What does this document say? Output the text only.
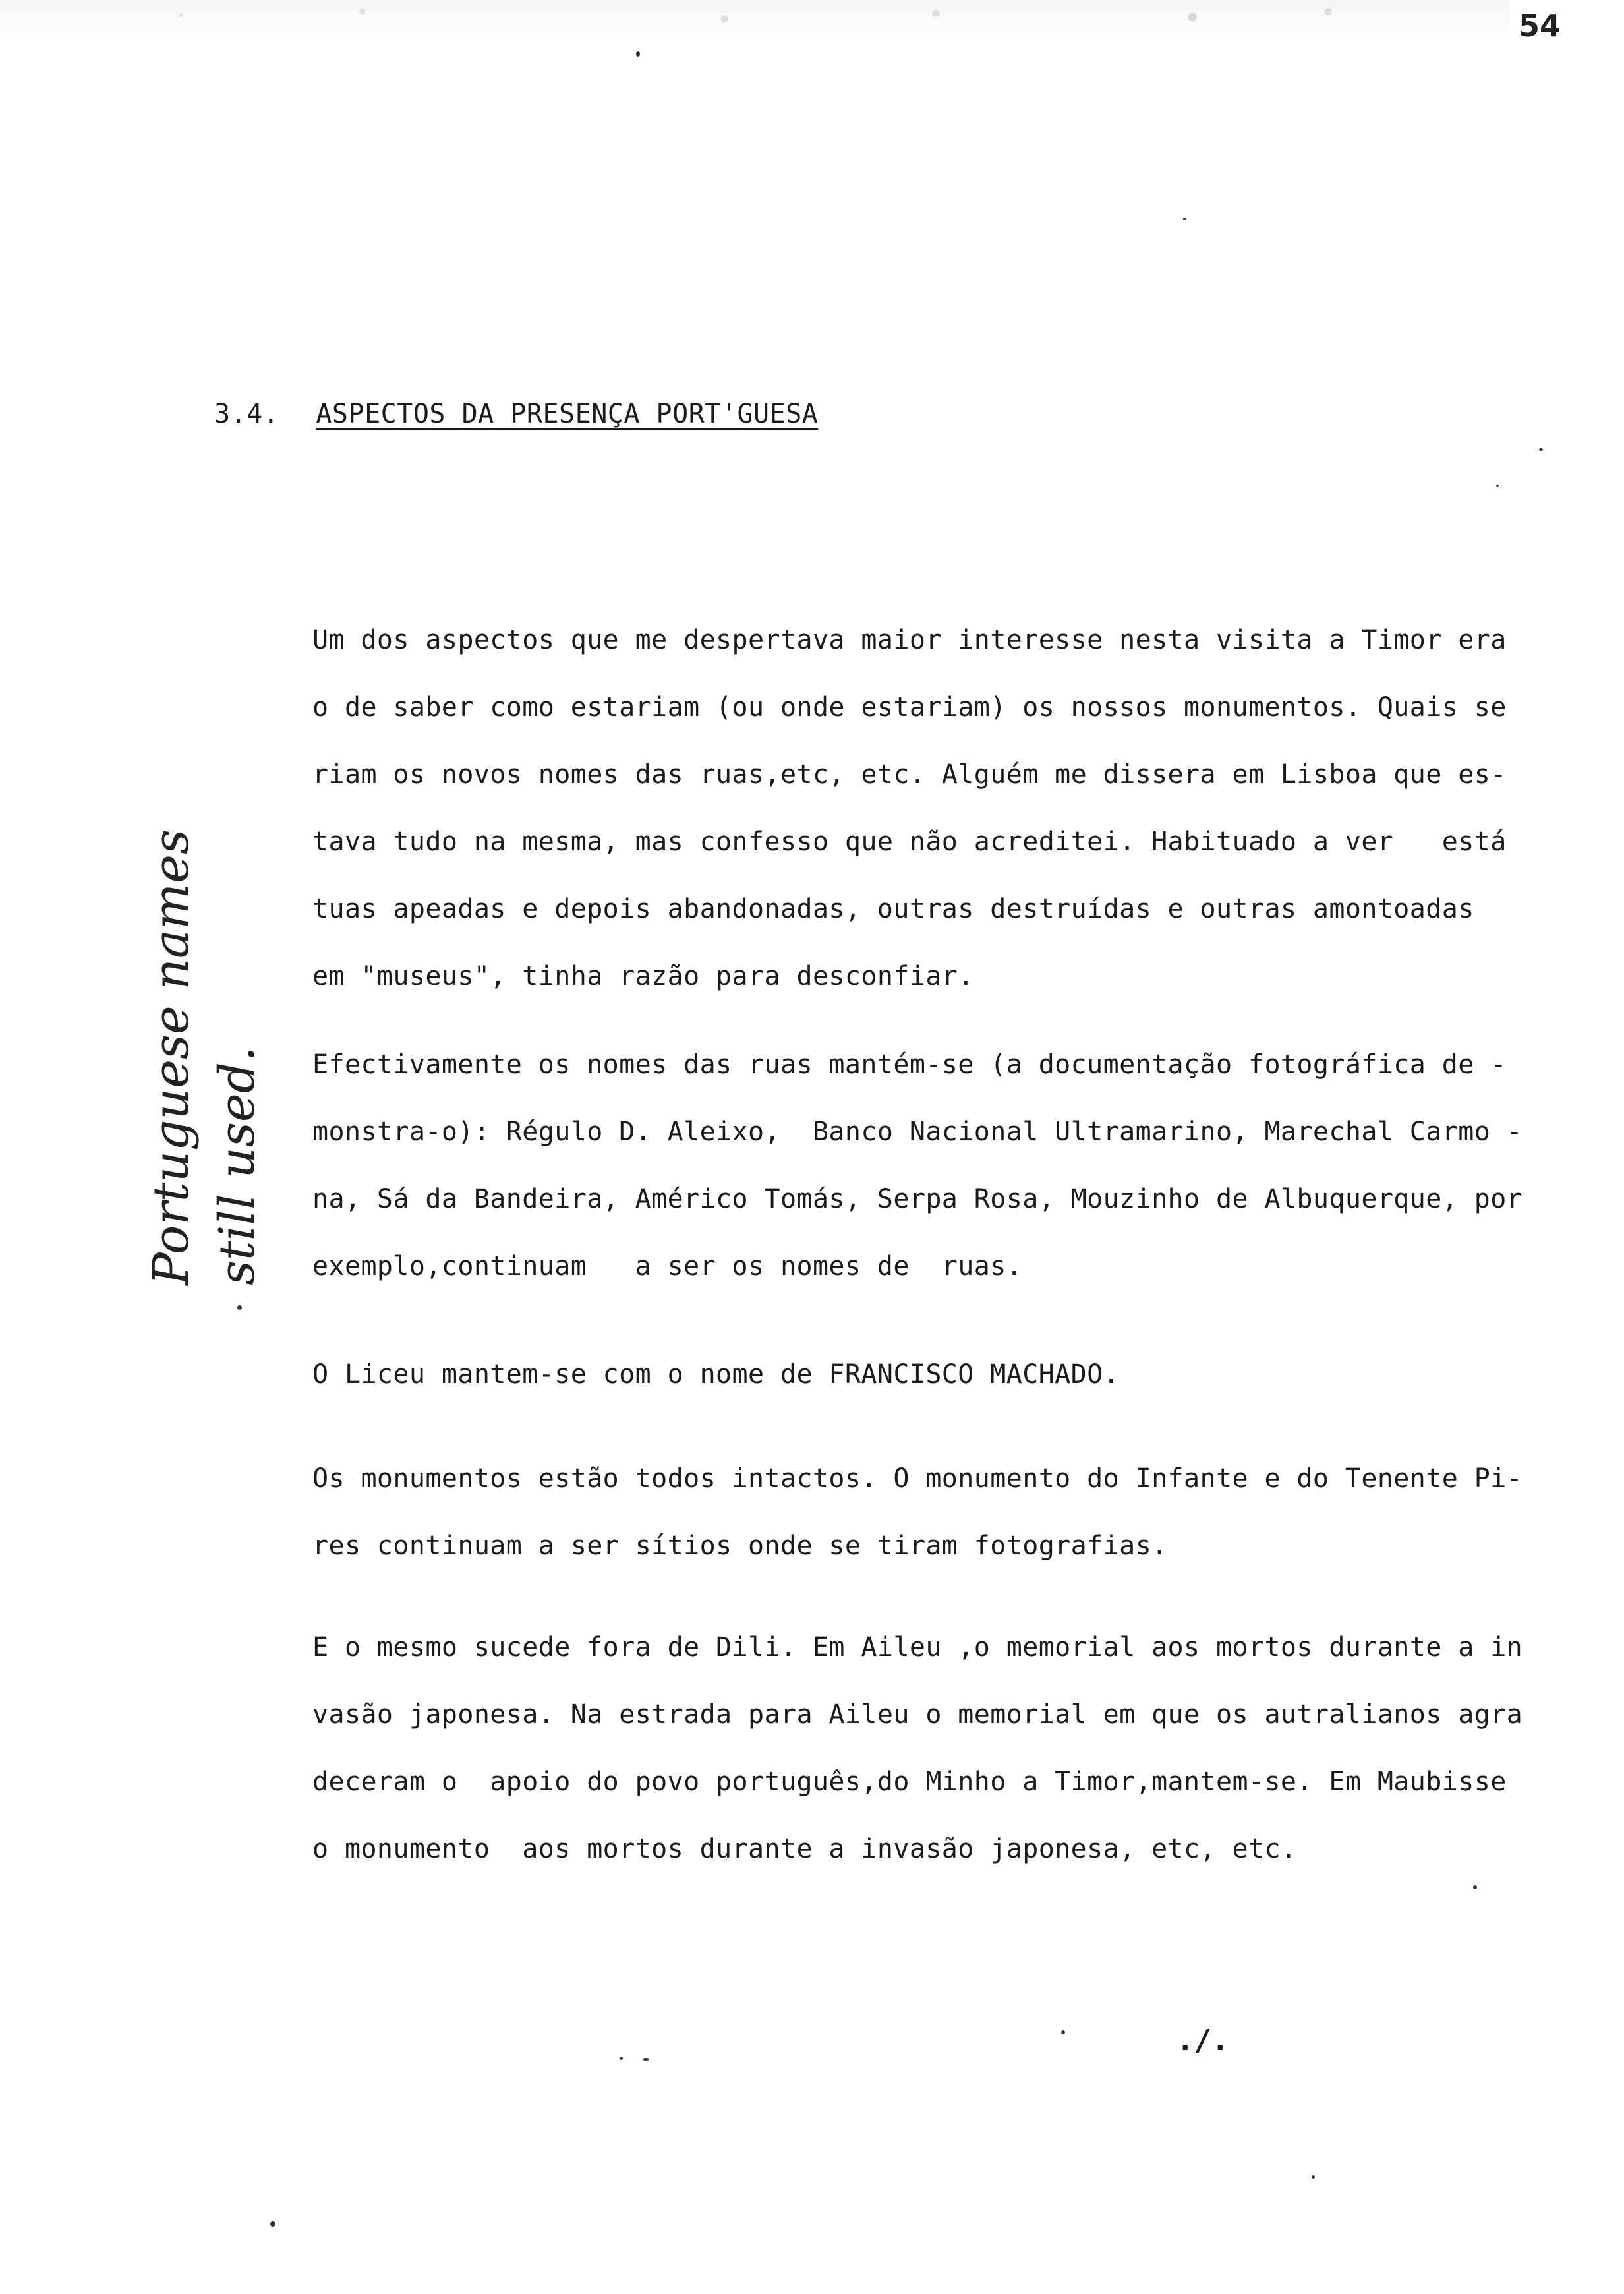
54
3.4. ASPECTOS DA PRESENÇA PORT'GUESA
Portuguese names still used.

Um dos aspectos que me despertava maior interesse nesta visita a Timor era
o de saber como estariam (ou onde estariam) os nossos monumentos. Quais se
riam os novos nomes das ruas,etc, etc. Alguém me dissera em Lisboa que es-
tava tudo na mesma, mas confesso que não acreditei. Habituado a ver   está
tuas apeadas e depois abandonadas, outras destruídas e outras amontoadas
em "museus", tinha razão para desconfiar.

Efectivamente os nomes das ruas mantém-se (a documentação fotográfica de -
monstra-o): Régulo D. Aleixo,  Banco Nacional Ultramarino, Marechal Carmo -
na, Sá da Bandeira, Américo Tomás, Serpa Rosa, Mouzinho de Albuquerque, por
exemplo,continuam   a ser os nomes de  ruas.

O Liceu mantem-se com o nome de FRANCISCO MACHADO.

Os monumentos estão todos intactos. O monumento do Infante e do Tenente Pi-
res continuam a ser sítios onde se tiram fotografias.

E o mesmo sucede fora de Dili. Em Aileu ,o memorial aos mortos durante a in
vasão japonesa. Na estrada para Aileu o memorial em que os autralianos agra
deceram o  apoio do povo português,do Minho a Timor,mantem-se. Em Maubisse
o monumento  aos mortos durante a invasão japonesa, etc, etc.

./.
